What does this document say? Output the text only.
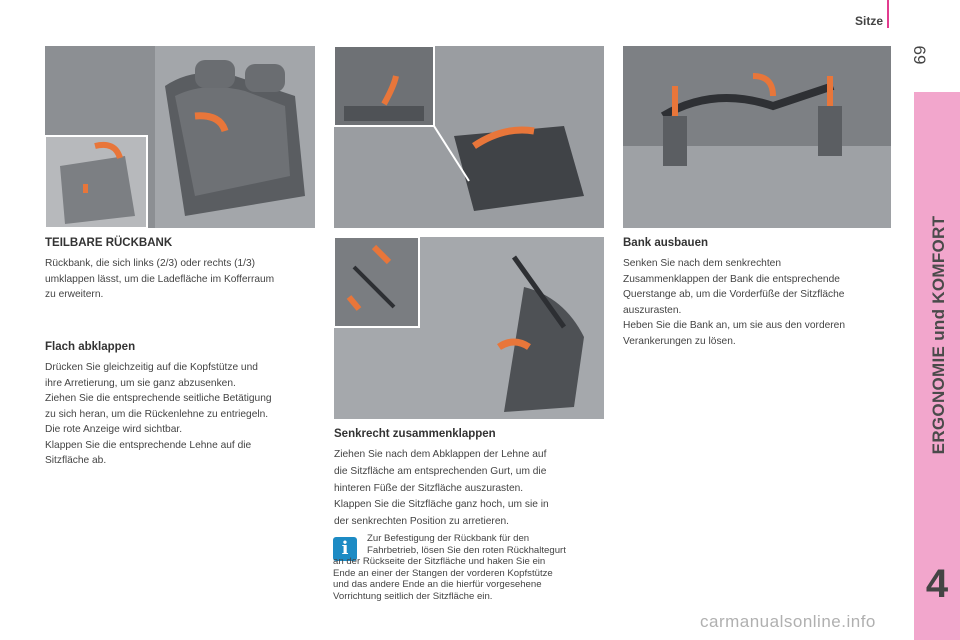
Sitze
69
ERGONOMIE und KOMFORT
4
TEILBARE RÜCKBANK

Rückbank, die sich links (2/3) oder rechts (1/3)
umklappen lässt, um die Ladefläche im Kofferraum
zu erweitern.

Flach abklappen

Drücken Sie gleichzeitig auf die Kopfstütze und
ihre Arretierung, um sie ganz abzusenken.
Ziehen Sie die entsprechende seitliche Betätigung
zu sich heran, um die Rückenlehne zu entriegeln.
Die rote Anzeige wird sichtbar.
Klappen Sie die entsprechende Lehne auf die
Sitzfläche ab.

Senkrecht zusammenklappen

Ziehen Sie nach dem Abklappen der Lehne auf
die Sitzfläche am entsprechenden Gurt, um die
hinteren Füße der Sitzfläche auszurasten.
Klappen Sie die Sitzfläche ganz hoch, um sie in
der senkrechten Position zu arretieren.

Bank ausbauen

Senken Sie nach dem senkrechten
Zusammenklappen der Bank die entsprechende
Querstange ab, um die Vorderfüße der Sitzfläche
auszurasten.
Heben Sie die Bank an, um sie aus den vorderen
Verankerungen zu lösen.

i	Zur Befestigung der Rückbank für den
Fahrbetrieb, lösen Sie den roten Rückhaltegurt
an der Rückseite der Sitzfläche und haken Sie ein
Ende an einer der Stangen der vorderen Kopfstütze
und das andere Ende an die hierfür vorgesehene
Vorrichtung seitlich der Sitzfläche ein.
carmanualsonline.info
